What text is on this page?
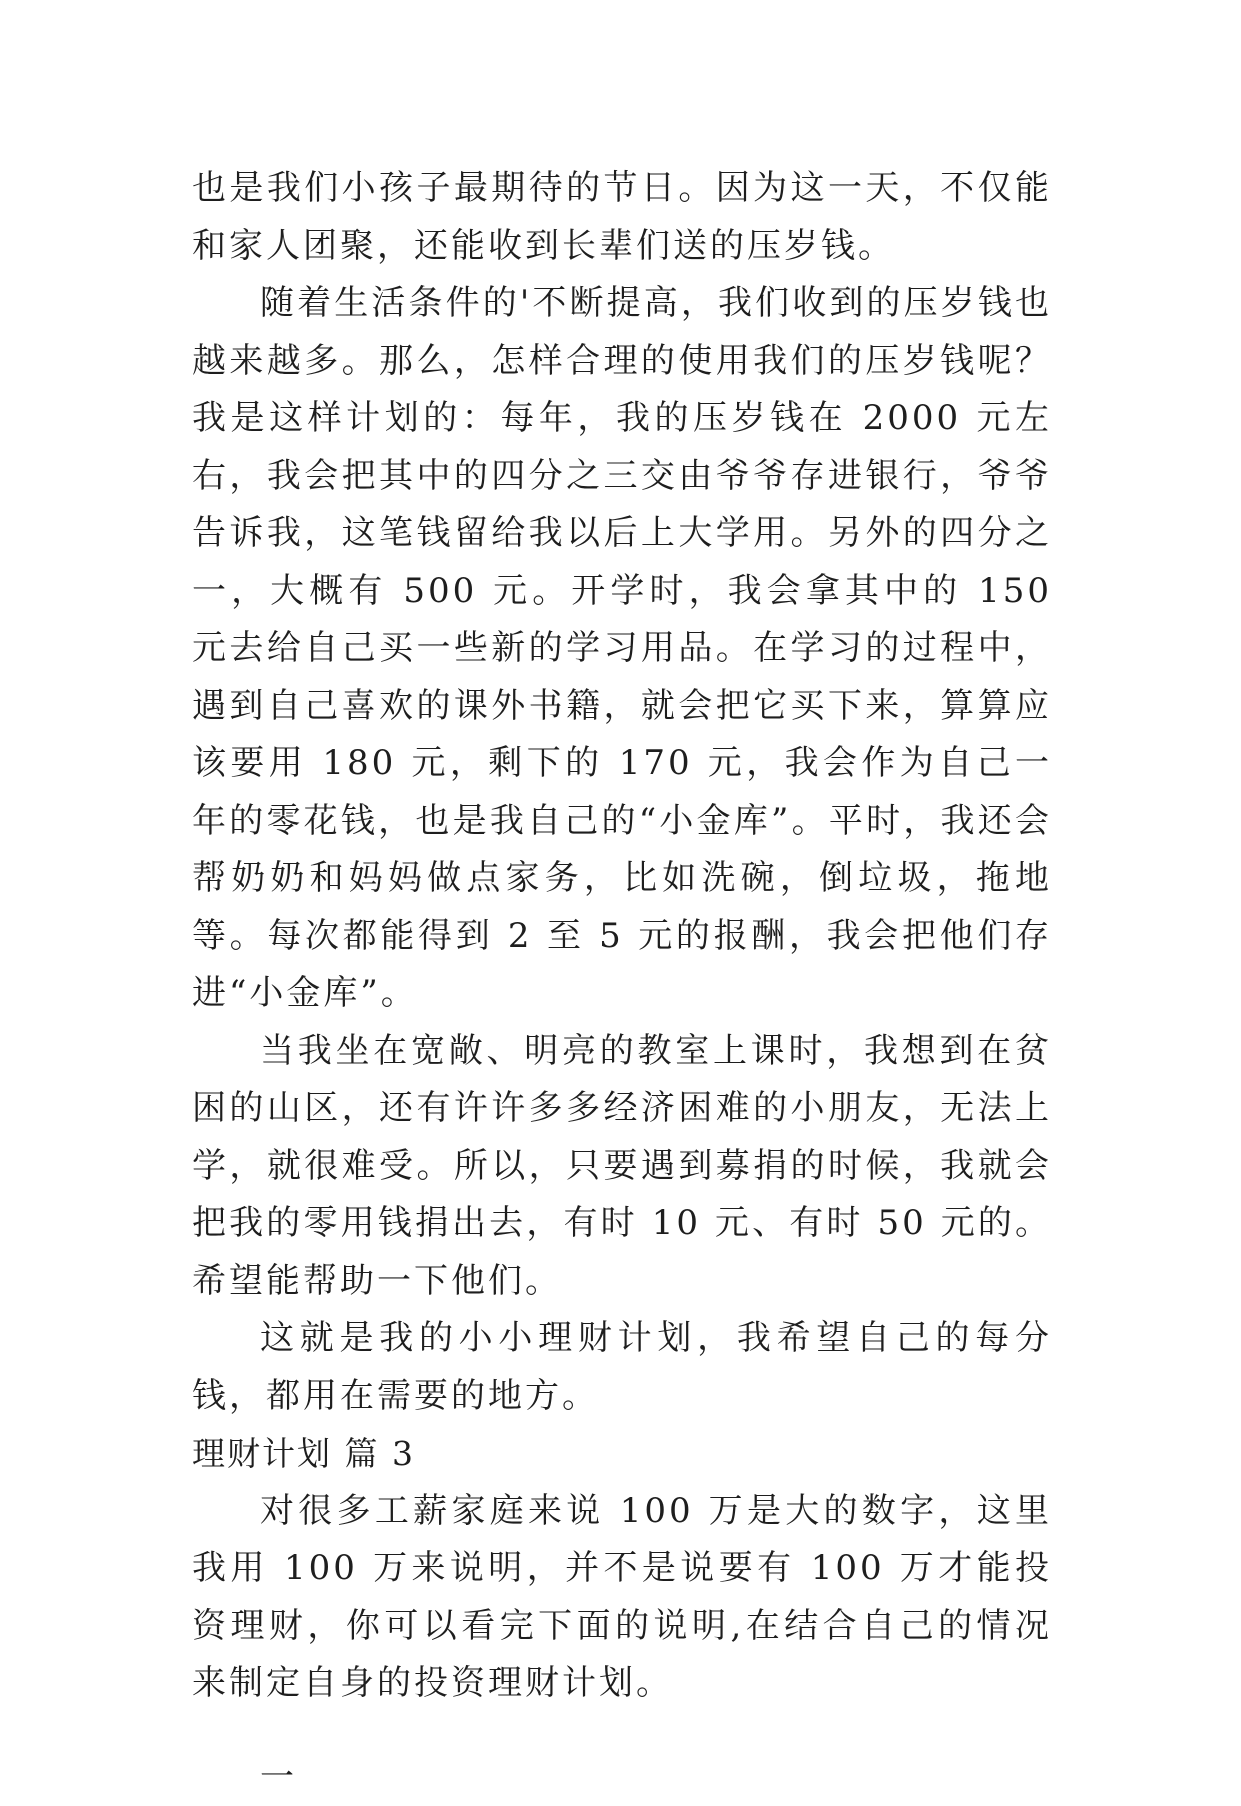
也是我们小孩子最期待的节日。因为这一天，不仅能和家人团聚，还能收到长辈们送的压岁钱。

随着生活条件的'不断提高，我们收到的压岁钱也越来越多。那么，怎样合理的使用我们的压岁钱呢？我是这样计划的：每年，我的压岁钱在 2000 元左右，我会把其中的四分之三交由爷爷存进银行，爷爷告诉我，这笔钱留给我以后上大学用。另外的四分之一，大概有 500 元。开学时，我会拿其中的 150 元去给自己买一些新的学习用品。在学习的过程中，遇到自己喜欢的课外书籍，就会把它买下来，算算应该要用 180 元，剩下的 170 元，我会作为自己一年的零花钱，也是我自己的“小金库”。平时，我还会帮奶奶和妈妈做点家务，比如洗碗，倒垃圾，拖地等。每次都能得到 2 至 5 元的报酬，我会把他们存进“小金库”。

当我坐在宽敞、明亮的教室上课时，我想到在贫困的山区，还有许许多多经济困难的小朋友，无法上学，就很难受。所以，只要遇到募捐的时候，我就会把我的零用钱捐出去，有时 10 元、有时 50 元的。希望能帮助一下他们。

这就是我的小小理财计划，我希望自己的每分钱，都用在需要的地方。

理财计划 篇 3

对很多工薪家庭来说 100 万是大的数字，这里我用 100 万来说明，并不是说要有 100 万才能投资理财，你可以看完下面的说明,在结合自己的情况来制定自身的投资理财计划。

一
